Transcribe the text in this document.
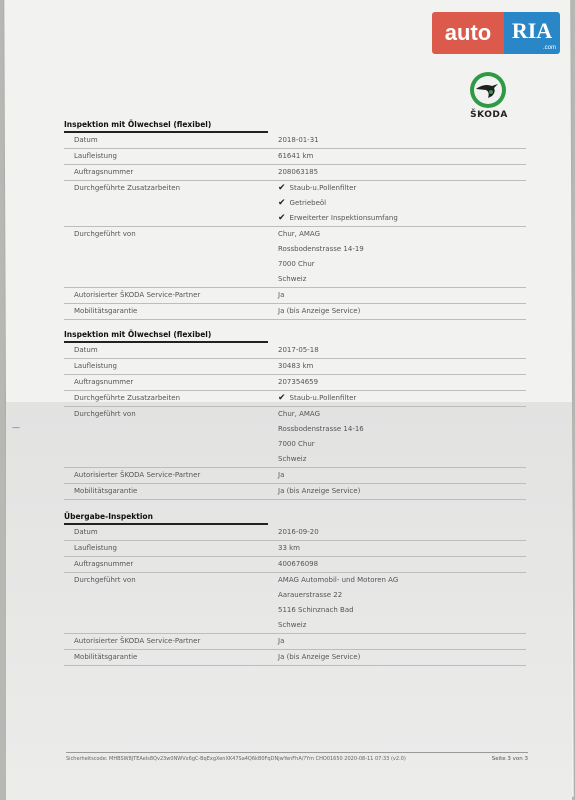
—
auto RIA
.com
ŠKODA
Inspektion mit Ölwechsel (flexibel)
Datum	2018-01-31
Laufleistung	61641 km
Auftragsnummer	208063185
Durchgeführte Zusatzarbeiten	✔ Staub-u.Pollenfilter
✔ Getriebeöl
✔ Erweiterter Inspektionsumfang
Durchgeführt von	Chur, AMAG
Rossbodenstrasse 14-19
7000 Chur
Schweiz
Autorisierter ŠKODA Service-Partner	Ja
Mobilitätsgarantie	Ja (bis Anzeige Service)
Inspektion mit Ölwechsel (flexibel)
Datum	2017-05-18
Laufleistung	30483 km
Auftragsnummer	207354659
Durchgeführte Zusatzarbeiten	✔ Staub-u.Pollenfilter
Durchgeführt von	Chur, AMAG
Rossbodenstrasse 14-16
7000 Chur
Schweiz
Autorisierter ŠKODA Service-Partner	Ja
Mobilitätsgarantie	Ja (bis Anzeige Service)
Übergabe-Inspektion
Datum	2016-09-20
Laufleistung	33 km
Auftragsnummer	400676098
Durchgeführt von	AMAG Automobil- und Motoren AG
Aarauerstrasse 22
5116 Schinznach Bad
Schweiz
Autorisierter ŠKODA Service-Partner	Ja
Mobilitätsgarantie	Ja (bis Anzeige Service)
Sicherheitscode: MHBSW8jTEAeIs8Qv23w0NWVx6gC-BqExgXenXK47Sa4Q6kB0FqDNjwYenFhA/?Ym CHO01650 2020-08-11 07:33 (v2.0)	Seite 3 von 3
